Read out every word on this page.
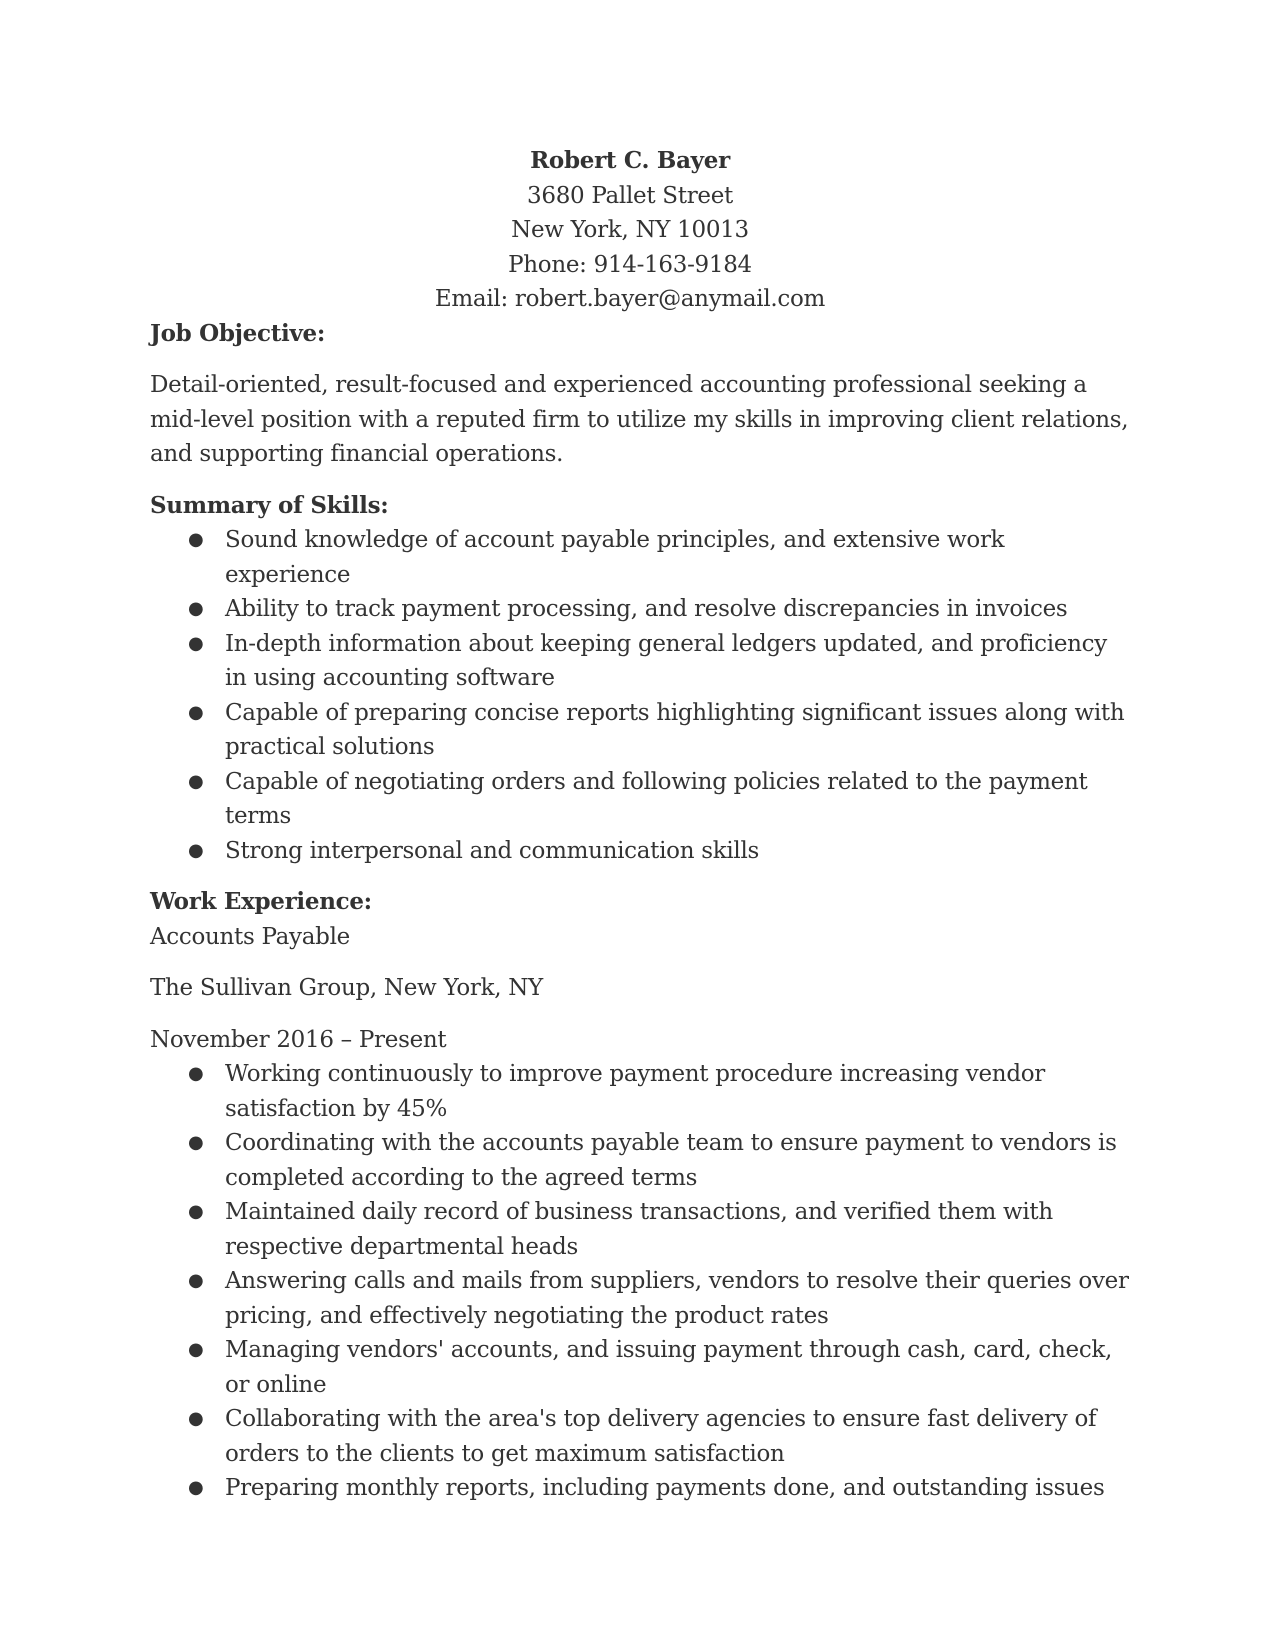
Robert C. Bayer
3680 Pallet Street
New York, NY 10013
Phone: 914-163-9184
Email: robert.bayer@anymail.com
Job Objective:

Detail-oriented, result-focused and experienced accounting professional seeking a mid-level position with a reputed firm to utilize my skills in improving client relations, and supporting financial operations.

Summary of Skills:
● Sound knowledge of account payable principles, and extensive work experience
● Ability to track payment processing, and resolve discrepancies in invoices
● In-depth information about keeping general ledgers updated, and proficiency in using accounting software
● Capable of preparing concise reports highlighting significant issues along with practical solutions
● Capable of negotiating orders and following policies related to the payment terms
● Strong interpersonal and communication skills
Work Experience:
Accounts Payable
The Sullivan Group, New York, NY
November 2016 – Present
● Working continuously to improve payment procedure increasing vendor satisfaction by 45%
● Coordinating with the accounts payable team to ensure payment to vendors is completed according to the agreed terms
● Maintained daily record of business transactions, and verified them with respective departmental heads
● Answering calls and mails from suppliers, vendors to resolve their queries over pricing, and effectively negotiating the product rates
● Managing vendors' accounts, and issuing payment through cash, card, check, or online
● Collaborating with the area's top delivery agencies to ensure fast delivery of orders to the clients to get maximum satisfaction
● Preparing monthly reports, including payments done, and outstanding issues
